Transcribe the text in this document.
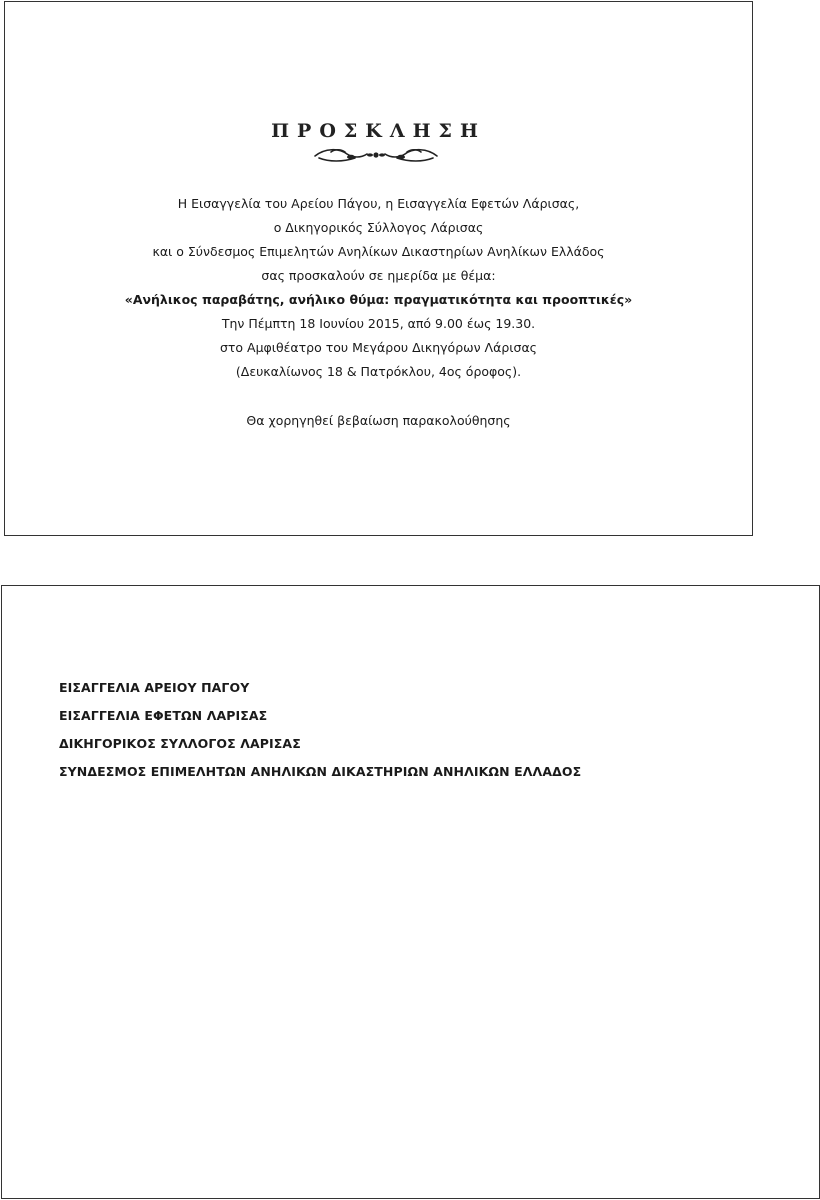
ΠΡΟΣΚΛΗΣΗ
Η Εισαγγελία του Αρείου Πάγου, η Εισαγγελία Εφετών Λάρισας,
ο Δικηγορικός Σύλλογος Λάρισας
και ο Σύνδεσμος Επιμελητών Ανηλίκων Δικαστηρίων Ανηλίκων Ελλάδος
σας προσκαλούν σε ημερίδα με θέμα:
«Ανήλικος παραβάτης, ανήλικο θύμα: πραγματικότητα και προοπτικές»
Την Πέμπτη 18 Ιουνίου 2015, από 9.00 έως 19.30.
στο Αμφιθέατρο του Μεγάρου Δικηγόρων Λάρισας
(Δευκαλίωνος 18 & Πατρόκλου, 4ος όροφος).
Θα χορηγηθεί βεβαίωση παρακολούθησης
ΕΙΣΑΓΓΕΛΙΑ ΑΡΕΙΟΥ ΠΑΓΟΥ
ΕΙΣΑΓΓΕΛΙΑ ΕΦΕΤΩΝ ΛΑΡΙΣΑΣ
ΔΙΚΗΓΟΡΙΚΟΣ ΣΥΛΛΟΓΟΣ ΛΑΡΙΣΑΣ
ΣΥΝΔΕΣΜΟΣ ΕΠΙΜΕΛΗΤΩΝ ΑΝΗΛΙΚΩΝ ΔΙΚΑΣΤΗΡΙΩΝ ΑΝΗΛΙΚΩΝ ΕΛΛΑΔΟΣ
